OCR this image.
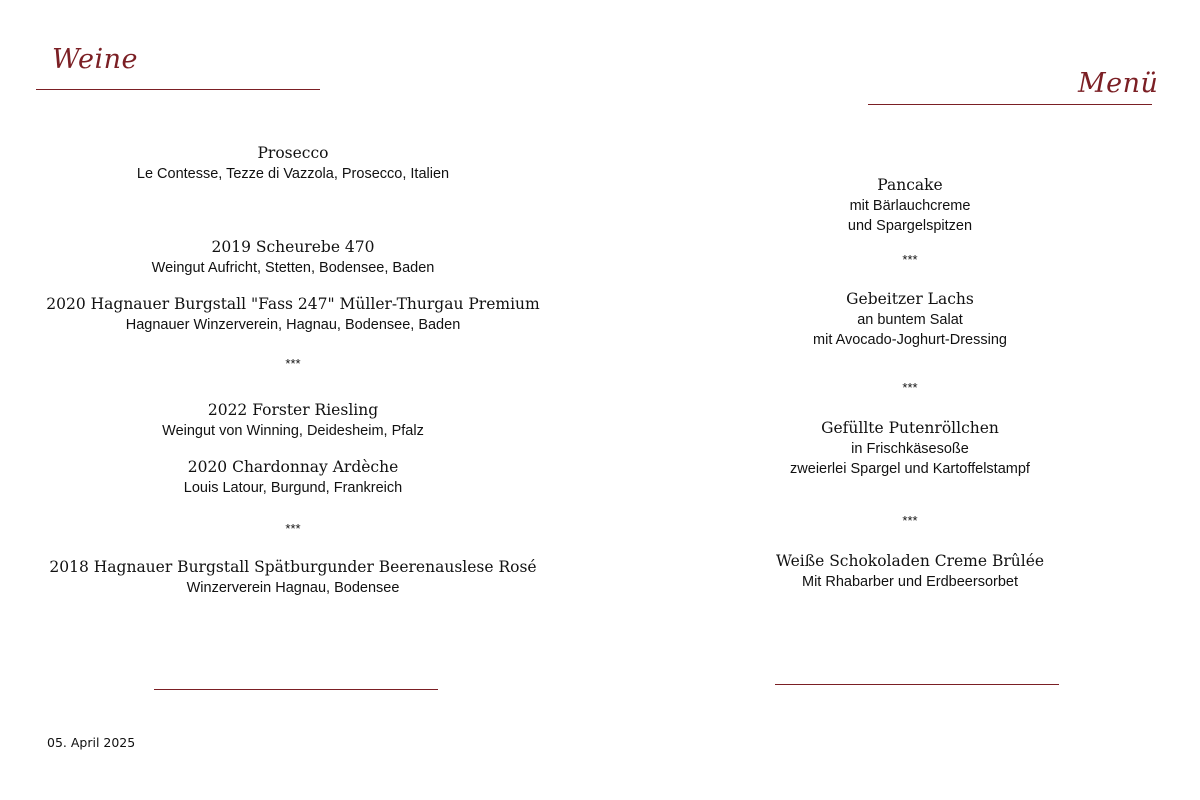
Weine
Prosecco
Le Contesse, Tezze di Vazzola, Prosecco, Italien
2019 Scheurebe 470
Weingut Aufricht, Stetten, Bodensee, Baden
2020 Hagnauer Burgstall "Fass 247" Müller-Thurgau Premium
Hagnauer Winzerverein, Hagnau, Bodensee, Baden
***
2022 Forster Riesling
Weingut von Winning, Deidesheim, Pfalz
2020 Chardonnay Ardèche
Louis Latour, Burgund, Frankreich
***
2018 Hagnauer Burgstall Spätburgunder Beerenauslese Rosé
Winzerverein Hagnau, Bodensee
Menü
Pancake
mit Bärlauchcreme
und Spargelspitzen
***
Gebeitzer Lachs
an buntem Salat
mit Avocado-Joghurt-Dressing
***
Gefüllte Putenröllchen
in Frischkäsesoße
zweierlei Spargel und Kartoffelstampf
***
Weiße Schokoladen Creme Brûlée
Mit Rhabarber und Erdbeersorbet
05. April 2025
